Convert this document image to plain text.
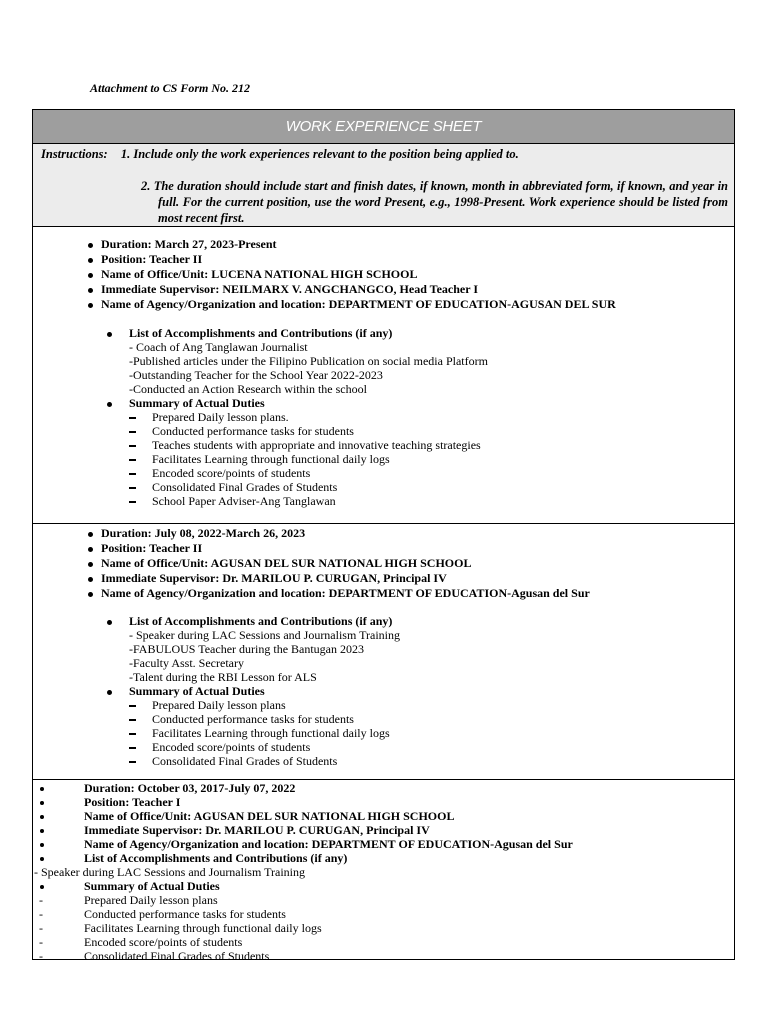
Attachment to CS Form No. 212
WORK EXPERIENCE SHEET
Instructions: 1. Include only the work experiences relevant to the position being applied to.
2. The duration should include start and finish dates, if known, month in abbreviated form, if known, and year in full. For the current position, use the word Present, e.g., 1998-Present. Work experience should be listed from most recent first.
Duration: March 27, 2023-Present
Position: Teacher II
Name of Office/Unit: LUCENA NATIONAL HIGH SCHOOL
Immediate Supervisor: NEILMARX V. ANGCHANGCO, Head Teacher I
Name of Agency/Organization and location: DEPARTMENT OF EDUCATION-AGUSAN DEL SUR
List of Accomplishments and Contributions (if any)
- Coach of Ang Tanglawan Journalist
-Published articles under the Filipino Publication on social media Platform
-Outstanding Teacher for the School Year 2022-2023
-Conducted an Action Research within the school
Summary of Actual Duties
Prepared Daily lesson plans.
Conducted performance tasks for students
Teaches students with appropriate and innovative teaching strategies
Facilitates Learning through functional daily logs
Encoded score/points of students
Consolidated Final Grades of Students
School Paper Adviser-Ang Tanglawan
Duration: July 08, 2022-March 26, 2023
Position: Teacher II
Name of Office/Unit: AGUSAN DEL SUR NATIONAL HIGH SCHOOL
Immediate Supervisor: Dr. MARILOU P. CURUGAN, Principal IV
Name of Agency/Organization and location: DEPARTMENT OF EDUCATION-Agusan del Sur
List of Accomplishments and Contributions (if any)
- Speaker during LAC Sessions and Journalism Training
-FABULOUS Teacher during the Bantugan 2023
-Faculty Asst. Secretary
-Talent during the RBI Lesson for ALS
Summary of Actual Duties
Prepared Daily lesson plans
Conducted performance tasks for students
Facilitates Learning through functional daily logs
Encoded score/points of students
Consolidated Final Grades of Students
Duration: October 03, 2017-July 07, 2022
Position: Teacher I
Name of Office/Unit: AGUSAN DEL SUR NATIONAL HIGH SCHOOL
Immediate Supervisor: Dr. MARILOU P. CURUGAN, Principal IV
Name of Agency/Organization and location: DEPARTMENT OF EDUCATION-Agusan del Sur
List of Accomplishments and Contributions (if any)
- Speaker during LAC Sessions and Journalism Training
Summary of Actual Duties
-	Prepared Daily lesson plans
-	Conducted performance tasks for students
-	Facilitates Learning through functional daily logs
-	Encoded score/points of students
-	Consolidated Final Grades of Students
